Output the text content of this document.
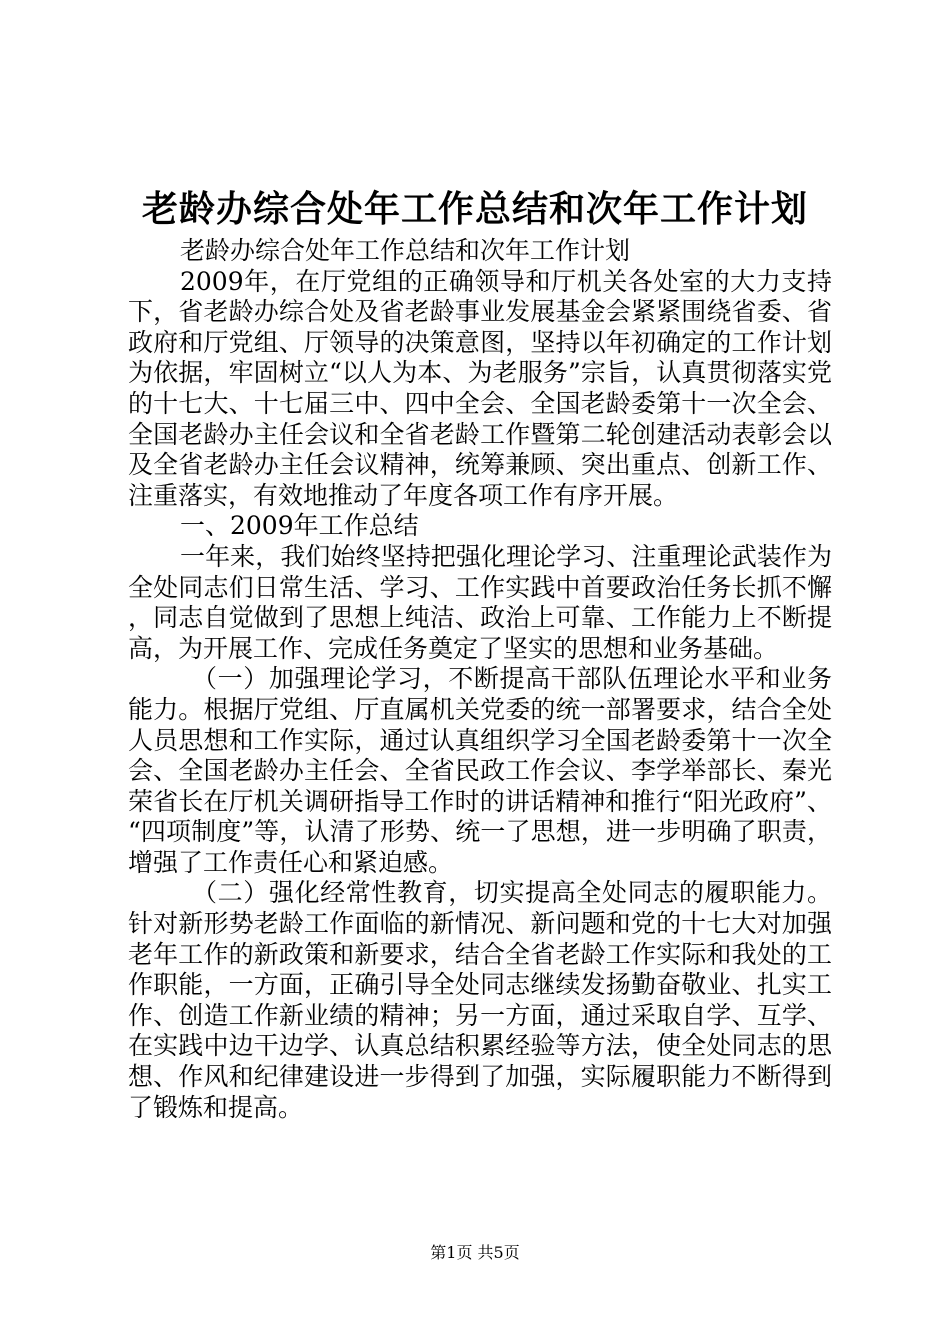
老龄办综合处年工作总结和次年工作计划

老龄办综合处年工作总结和次年工作计划

2009年，在厅党组的正确领导和厅机关各处室的大力支持下，省老龄办综合处及省老龄事业发展基金会紧紧围绕省委、省政府和厅党组、厅领导的决策意图，坚持以年初确定的工作计划为依据，牢固树立“以人为本、为老服务”宗旨，认真贯彻落实党的十七大、十七届三中、四中全会、全国老龄委第十一次全会、全国老龄办主任会议和全省老龄工作暨第二轮创建活动表彰会以及全省老龄办主任会议精神，统筹兼顾、突出重点、创新工作、注重落实，有效地推动了年度各项工作有序开展。

一、2009年工作总结

一年来，我们始终坚持把强化理论学习、注重理论武装作为全处同志们日常生活、学习、工作实践中首要政治任务长抓不懈，同志自觉做到了思想上纯洁、政治上可靠、工作能力上不断提高，为开展工作、完成任务奠定了坚实的思想和业务基础。

（一）加强理论学习，不断提高干部队伍理论水平和业务能力。根据厅党组、厅直属机关党委的统一部署要求，结合全处人员思想和工作实际，通过认真组织学习全国老龄委第十一次全会、全国老龄办主任会、全省民政工作会议、李学举部长、秦光荣省长在厅机关调研指导工作时的讲话精神和推行“阳光政府”、“四项制度”等，认清了形势、统一了思想，进一步明确了职责，增强了工作责任心和紧迫感。

（二）强化经常性教育，切实提高全处同志的履职能力。针对新形势老龄工作面临的新情况、新问题和党的十七大对加强老年工作的新政策和新要求，结合全省老龄工作实际和我处的工作职能，一方面，正确引导全处同志继续发扬勤奋敬业、扎实工作、创造工作新业绩的精神；另一方面，通过采取自学、互学、在实践中边干边学、认真总结积累经验等方法，使全处同志的思想、作风和纪律建设进一步得到了加强，实际履职能力不断得到了锻炼和提高。

第1页 共5页
